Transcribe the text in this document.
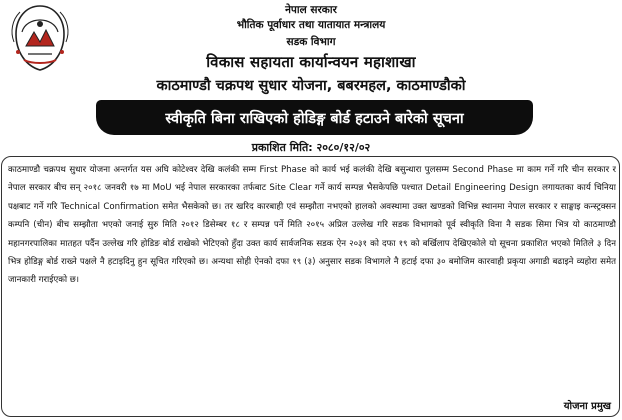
नेपाल सरकार
भौतिक पूर्वाधार तथा यातायात मन्त्रालय
सडक विभाग
विकास सहायता कार्यान्वयन महाशाखा
काठमाण्डौ चक्रपथ सुधार योजना, बबरमहल, काठमाण्डौको
स्वीकृति बिना राखिएको होडिङ्ग बोर्ड हटाउने बारेको सूचना
प्रकाशित मिति: २०८०/१२/०२

काठमाण्डौ चक्रपथ सुधार योजना अन्तर्गत यस अघि कोटेश्वर देखि कलंकी सम्म First Phase को कार्य भई कलंकी देखि बसुन्धारा पुलसम्म Second Phase मा काम गर्ने गरि चीन सरकार र नेपाल सरकार बीच सन् २०१८ जनवरी १७ मा MoU भई नेपाल सरकारका तर्फबाट Site Clear गर्ने कार्य सम्पन्न भैसकेपछि पश्चात Detail Engineering Design लगायतका कार्य चिनिया पक्षबाट गर्ने गरि Technical Confirmation समेत भैसकेको छ। तर खरिद कारबाही एवं सम्झौता नभएको हालको अवस्थामा उक्त खण्डको विभिन्न स्थानमा नेपाल सरकार र साङ्घाइ कन्स्ट्रक्सन कम्पनि (चीन) बीच सम्झौता भएको जनाई सुरु मिति २०१२ डिसेम्बर १८ र सम्पन्न पर्ने मिति २०१५ अप्रिल उल्लेख गरि सडक विभागको पूर्व स्वीकृति विना नै सडक सिमा भित्र यो काठमाण्डौ महानगरपालिका मातहत पर्दैन उल्लेख गरि होडिङ बोर्ड राखेको भेटिएको हुँदा उक्त कार्य सार्वजनिक सडक ऐन २०३१ को दफा १९ को बर्खिलाप देखिएकोले यो सूचना प्रकाशित भएको मितिले ३ दिन भित्र होडिङ्ग बोर्ड राख्ने पक्षले नै हटाइदिनु हुन सूचित गरिएको छ। अन्यथा सोही ऐनको दफा १९ (३) अनुसार सडक विभागले नै हटाई दफा ३० बमोजिम कारवाही प्रकृया अगाडी बढाइने व्यहोरा समेत जानकारी गराईएको छ।

योजना प्रमुख
